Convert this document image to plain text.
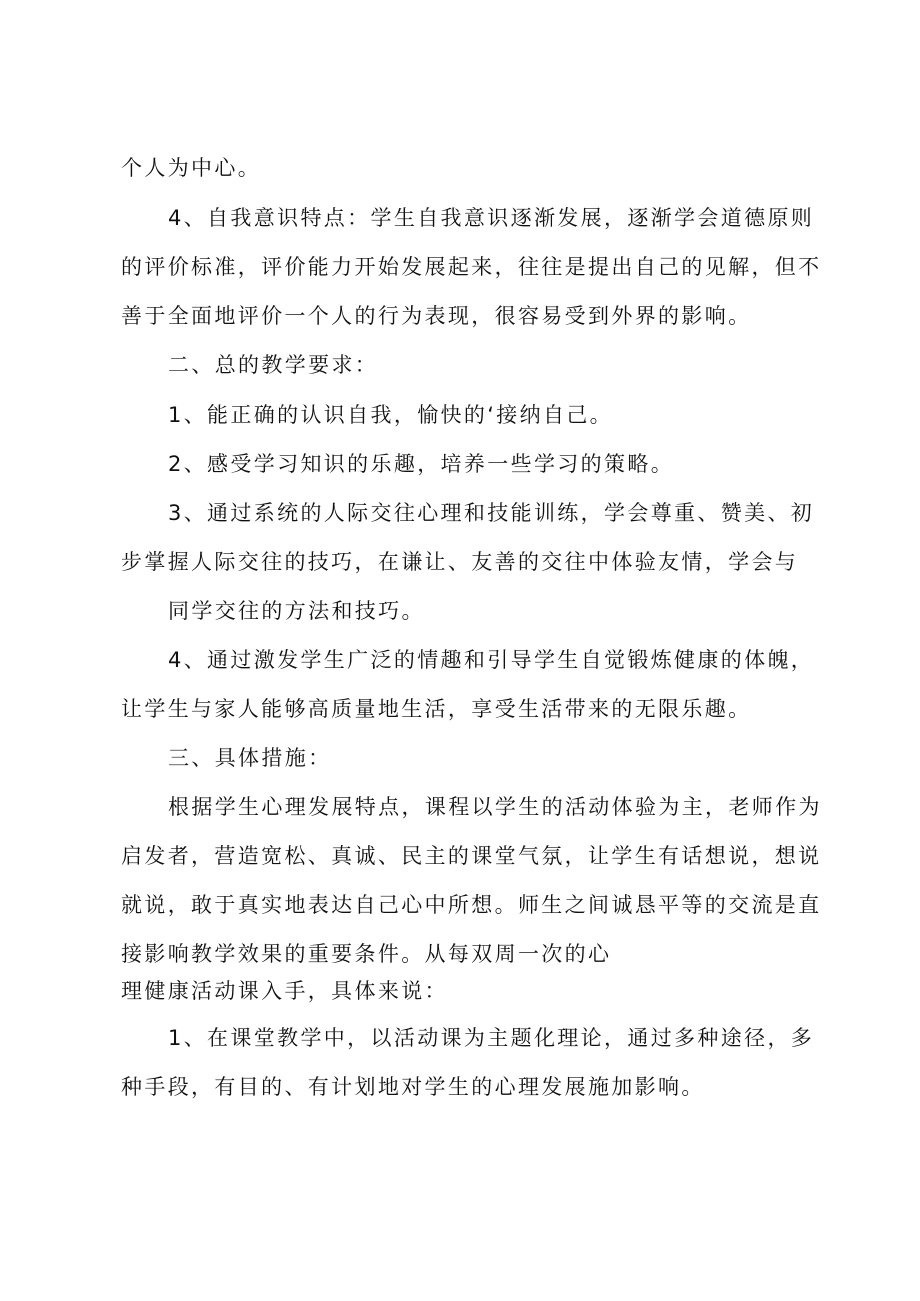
个人为中心。
4、自我意识特点：学生自我意识逐渐发展，逐渐学会道德原则
的评价标准，评价能力开始发展起来，往往是提出自己的见解，但不
善于全面地评价一个人的行为表现，很容易受到外界的影响。
二、总的教学要求：
1、能正确的认识自我，愉快的‘接纳自己。
2、感受学习知识的乐趣，培养一些学习的策略。
3、通过系统的人际交往心理和技能训练，学会尊重、赞美、初
步掌握人际交往的技巧，在谦让、友善的交往中体验友情，学会与
同学交往的方法和技巧。
4、通过激发学生广泛的情趣和引导学生自觉锻炼健康的体魄，
让学生与家人能够高质量地生活，享受生活带来的无限乐趣。
三、具体措施：
根据学生心理发展特点，课程以学生的活动体验为主，老师作为
启发者，营造宽松、真诚、民主的课堂气氛，让学生有话想说，想说
就说，敢于真实地表达自己心中所想。师生之间诚恳平等的交流是直
接影响教学效果的重要条件。从每双周一次的心
理健康活动课入手，具体来说：
1、在课堂教学中，以活动课为主题化理论，通过多种途径，多
种手段，有目的、有计划地对学生的心理发展施加影响。
